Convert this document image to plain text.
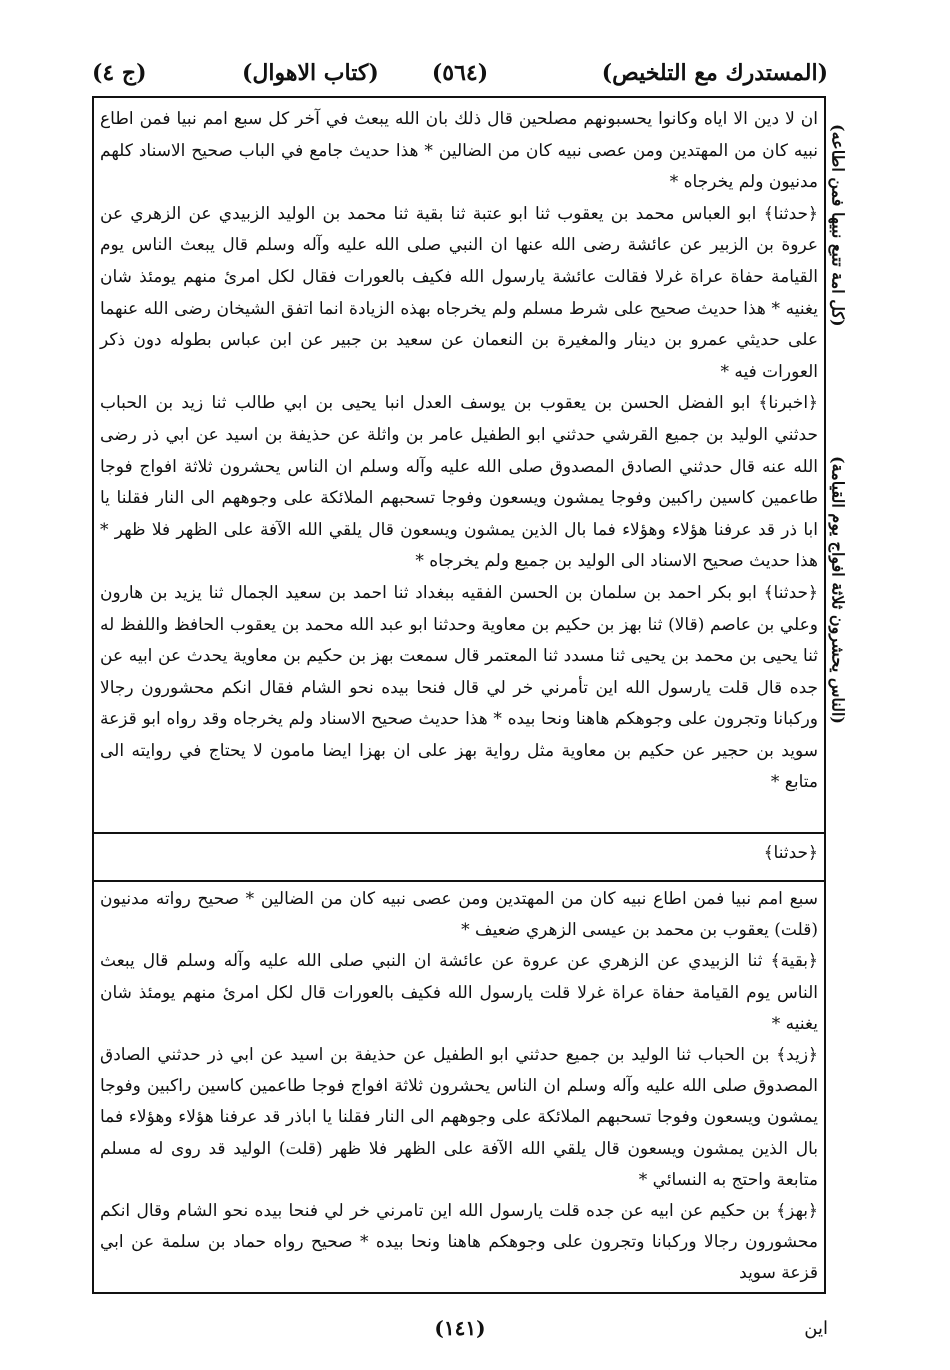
(المستدرك مع التلخيص)
(٥٦٤)
(كتاب الاهوال)
(ج ٤)
(كل امة تتبع نبيها فمن اطاعه)
(الناس يحشرون ثلاثة افواج يوم القيامة)

ان لا دين الا اياه وكانوا يحسبونهم مصلحين قال ذلك بان الله يبعث في آخر كل سبع امم نبيا فمن اطاع نبيه كان من المهتدين ومن عصى نبيه كان من الضالين * هذا حديث جامع في الباب صحيح الاسناد كلهم مدنيون ولم يخرجاه *

﴿حدثنا﴾ ابو العباس محمد بن يعقوب ثنا ابو عتبة ثنا بقية ثنا محمد بن الوليد الزبيدي عن الزهري عن عروة بن الزبير عن عائشة رضى الله عنها ان النبي صلى الله عليه وآله وسلم قال يبعث الناس يوم القيامة حفاة عراة غرلا فقالت عائشة يارسول الله فكيف بالعورات فقال لكل امرئ منهم يومئذ شان يغنيه * هذا حديث صحيح على شرط مسلم ولم يخرجاه بهذه الزيادة انما اتفق الشيخان رضى الله عنهما على حديثي عمرو بن دينار والمغيرة بن النعمان عن سعيد بن جبير عن ابن عباس بطوله دون ذكر العورات فيه *

﴿اخبرنا﴾ ابو الفضل الحسن بن يعقوب بن يوسف العدل انبا يحيى بن ابي طالب ثنا زيد بن الحباب حدثني الوليد بن جميع القرشي حدثني ابو الطفيل عامر بن واثلة عن حذيفة بن اسيد عن ابي ذر رضى الله عنه قال حدثني الصادق المصدوق صلى الله عليه وآله وسلم ان الناس يحشرون ثلاثة افواج فوجا طاعمين كاسين راكبين وفوجا يمشون ويسعون وفوجا تسحبهم الملائكة على وجوههم الى النار فقلنا يا ابا ذر قد عرفنا هؤلاء وهؤلاء فما بال الذين يمشون ويسعون قال يلقي الله الآفة على الظهر فلا ظهر * هذا حديث صحيح الاسناد الى الوليد بن جميع ولم يخرجاه *

﴿حدثنا﴾ ابو بكر احمد بن سلمان بن الحسن الفقيه ببغداد ثنا احمد بن سعيد الجمال ثنا يزيد بن هارون وعلي بن عاصم (قالا) ثنا بهز بن حكيم بن معاوية وحدثنا ابو عبد الله محمد بن يعقوب الحافظ واللفظ له ثنا يحيى بن محمد بن يحيى ثنا مسدد ثنا المعتمر قال سمعت بهز بن حكيم بن معاوية يحدث عن ابيه عن جده قال قلت يارسول الله اين تأمرني خر لي قال فنحا بيده نحو الشام فقال انكم محشورون رجالا وركبانا وتجرون على وجوهكم هاهنا ونحا بيده * هذا حديث صحيح الاسناد ولم يخرجاه وقد رواه ابو قزعة سويد بن حجير عن حكيم بن معاوية مثل رواية بهز على ان بهزا ايضا مامون لا يحتاج في روايته الى متابع *

﴿حدثنا﴾

سبع امم نبيا فمن اطاع نبيه كان من المهتدين ومن عصى نبيه كان من الضالين * صحيح رواته مدنيون (قلت) يعقوب بن محمد بن عيسى الزهري ضعيف *

﴿بقية﴾ ثنا الزبيدي عن الزهري عن عروة عن عائشة ان النبي صلى الله عليه وآله وسلم قال يبعث الناس يوم القيامة حفاة عراة غرلا قلت يارسول الله فكيف بالعورات قال لكل امرئ منهم يومئذ شان يغنيه *

﴿زيد﴾ بن الحباب ثنا الوليد بن جميع حدثني ابو الطفيل عن حذيفة بن اسيد عن ابي ذر حدثني الصادق المصدوق صلى الله عليه وآله وسلم ان الناس يحشرون ثلاثة افواج فوجا طاعمين كاسين راكبين وفوجا يمشون ويسعون وفوجا تسحبهم الملائكة على وجوههم الى النار فقلنا يا اباذر قد عرفنا هؤلاء وهؤلاء فما بال الذين يمشون ويسعون قال يلقي الله الآفة على الظهر فلا ظهر (قلت) الوليد قد روى له مسلم متابعة واحتج به النسائي *

﴿بهز﴾ بن حكيم عن ابيه عن جده قلت يارسول الله اين تامرني خر لي فنحا بيده نحو الشام وقال انكم محشورون رجالا وركبانا وتجرون على وجوهكم هاهنا ونحا بيده * صحيح رواه حماد بن سلمة عن ابي قزعة سويد

(١٤١)	اين
